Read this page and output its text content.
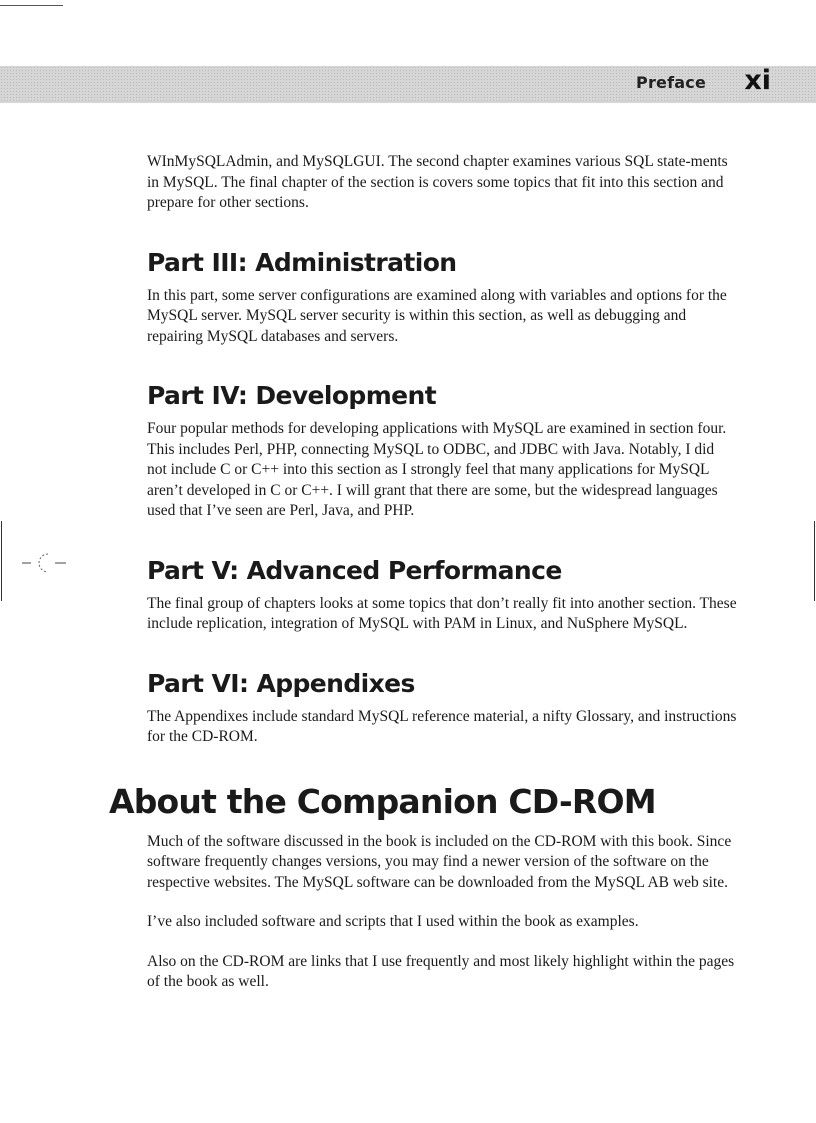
Preface xi

WInMySQLAdmin, and MySQLGUI. The second chapter examines various SQL state-ments in MySQL. The final chapter of the section is covers some topics that fit into this section and prepare for other sections.

Part III: Administration

In this part, some server configurations are examined along with variables and options for the MySQL server. MySQL server security is within this section, as well as debugging and repairing MySQL databases and servers.

Part IV: Development

Four popular methods for developing applications with MySQL are examined in section four. This includes Perl, PHP, connecting MySQL to ODBC, and JDBC with Java. Notably, I did not include C or C++ into this section as I strongly feel that many applications for MySQL aren’t developed in C or C++. I will grant that there are some, but the widespread languages used that I’ve seen are Perl, Java, and PHP.

Part V: Advanced Performance

The final group of chapters looks at some topics that don’t really fit into another section. These include replication, integration of MySQL with PAM in Linux, and NuSphere MySQL.

Part VI: Appendixes

The Appendixes include standard MySQL reference material, a nifty Glossary, and instructions for the CD-ROM.

About the Companion CD-ROM

Much of the software discussed in the book is included on the CD-ROM with this book. Since software frequently changes versions, you may find a newer version of the software on the respective websites. The MySQL software can be downloaded from the MySQL AB web site.

I’ve also included software and scripts that I used within the book as examples.

Also on the CD-ROM are links that I use frequently and most likely highlight within the pages of the book as well.
